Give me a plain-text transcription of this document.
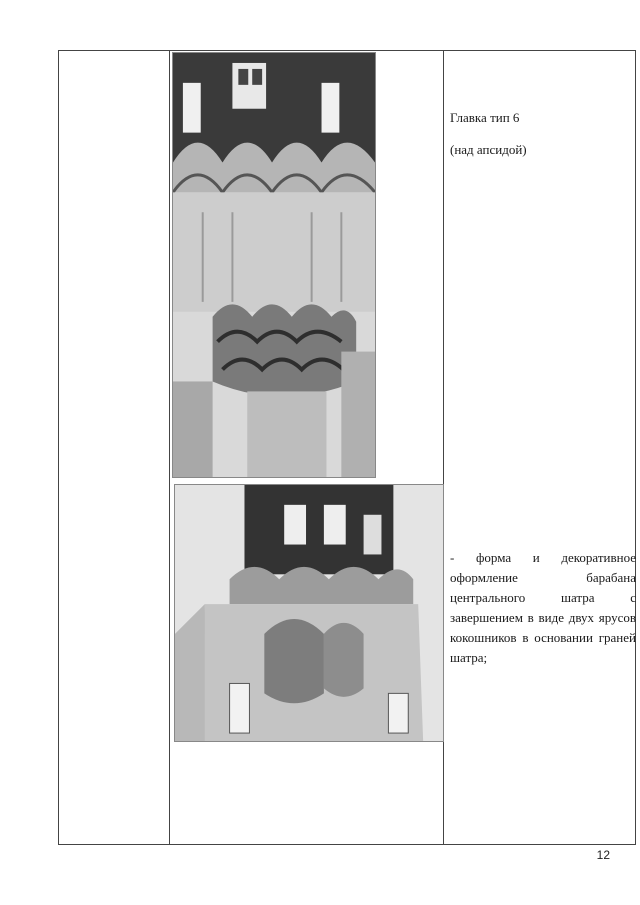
Главка тип 6

(над апсидой)

- форма и декоративное оформление барабана центрального шатра с завершением в виде двух ярусов кокошников в основании граней шатра;

12
